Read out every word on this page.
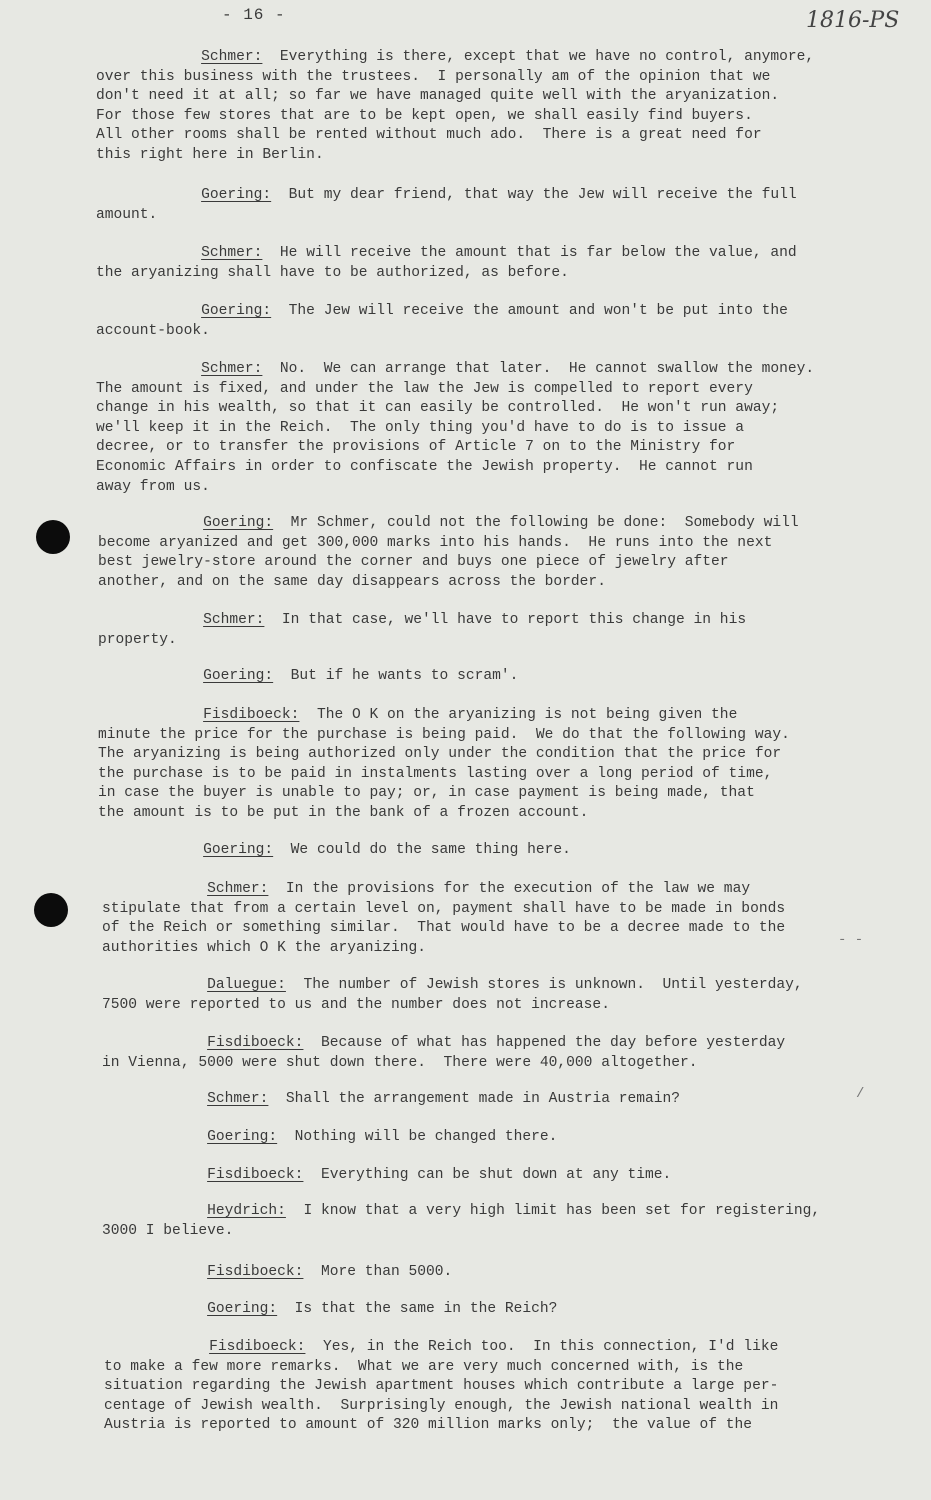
- 16 -	1816-PS
- -
/
Schmer: Everything is there, except that we have no control, anymore,
over this business with the trustees.  I personally am of the opinion that we
don't need it at all; so far we have managed quite well with the aryanization.
For those few stores that are to be kept open, we shall easily find buyers.
All other rooms shall be rented without much ado.  There is a great need for
this right here in Berlin.
Goering: But my dear friend, that way the Jew will receive the full
amount.
Schmer: He will receive the amount that is far below the value, and
the aryanizing shall have to be authorized, as before.
Goering: The Jew will receive the amount and won't be put into the
account-book.
Schmer: No.  We can arrange that later.  He cannot swallow the money.
The amount is fixed, and under the law the Jew is compelled to report every
change in his wealth, so that it can easily be controlled.  He won't run away;
we'll keep it in the Reich.  The only thing you'd have to do is to issue a
decree, or to transfer the provisions of Article 7 on to the Ministry for
Economic Affairs in order to confiscate the Jewish property.  He cannot run
away from us.
Goering: Mr Schmer, could not the following be done:  Somebody will
become aryanized and get 300,000 marks into his hands.  He runs into the next
best jewelry-store around the corner and buys one piece of jewelry after
another, and on the same day disappears across the border.
Schmer: In that case, we'll have to report this change in his
property.
Goering: But if he wants to scram'.
Fisdiboeck: The O K on the aryanizing is not being given the
minute the price for the purchase is being paid.  We do that the following way.
The aryanizing is being authorized only under the condition that the price for
the purchase is to be paid in instalments lasting over a long period of time,
in case the buyer is unable to pay; or, in case payment is being made, that
the amount is to be put in the bank of a frozen account.
Goering: We could do the same thing here.
Schmer: In the provisions for the execution of the law we may
stipulate that from a certain level on, payment shall have to be made in bonds
of the Reich or something similar.  That would have to be a decree made to the
authorities which O K the aryanizing.
Daluegue: The number of Jewish stores is unknown.  Until yesterday,
7500 were reported to us and the number does not increase.
Fisdiboeck: Because of what has happened the day before yesterday
in Vienna, 5000 were shut down there.  There were 40,000 altogether.
Schmer: Shall the arrangement made in Austria remain?
Goering: Nothing will be changed there.
Fisdiboeck: Everything can be shut down at any time.
Heydrich: I know that a very high limit has been set for registering,
3000 I believe.
Fisdiboeck: More than 5000.
Goering: Is that the same in the Reich?
Fisdiboeck: Yes, in the Reich too.  In this connection, I'd like
to make a few more remarks.  What we are very much concerned with, is the
situation regarding the Jewish apartment houses which contribute a large per-
centage of Jewish wealth.  Surprisingly enough, the Jewish national wealth in
Austria is reported to amount of 320 million marks only;  the value of the
